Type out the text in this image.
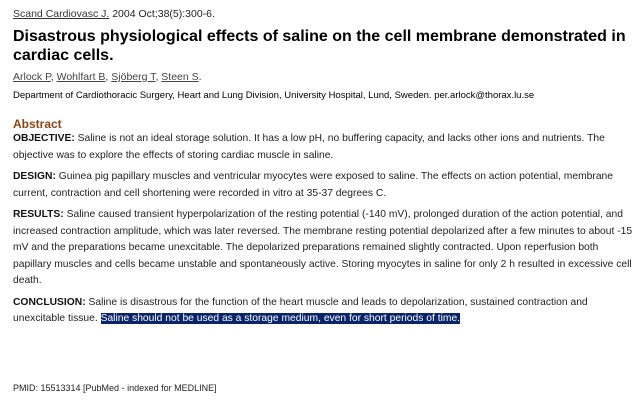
Scand Cardiovasc J. 2004 Oct;38(5):300-6.
Disastrous physiological effects of saline on the cell membrane demonstrated in cardiac cells.
Arlock P, Wohlfart B, Sjöberg T, Steen S.
Department of Cardiothoracic Surgery, Heart and Lung Division, University Hospital, Lund, Sweden. per.arlock@thorax.lu.se
Abstract

OBJECTIVE: Saline is not an ideal storage solution. It has a low pH, no buffering capacity, and lacks other ions and nutrients. The objective was to explore the effects of storing cardiac muscle in saline.

DESIGN: Guinea pig papillary muscles and ventricular myocytes were exposed to saline. The effects on action potential, membrane current, contraction and cell shortening were recorded in vitro at 35-37 degrees C.

RESULTS: Saline caused transient hyperpolarization of the resting potential (-140 mV), prolonged duration of the action potential, and increased contraction amplitude, which was later reversed. The membrane resting potential depolarized after a few minutes to about -15 mV and the preparations became unexcitable. The depolarized preparations remained slightly contracted. Upon reperfusion both papillary muscles and cells became unstable and spontaneously active. Storing myocytes in saline for only 2 h resulted in excessive cell death.

CONCLUSION: Saline is disastrous for the function of the heart muscle and leads to depolarization, sustained contraction and unexcitable tissue. Saline should not be used as a storage medium, even for short periods of time.

PMID: 15513314 [PubMed - indexed for MEDLINE]
